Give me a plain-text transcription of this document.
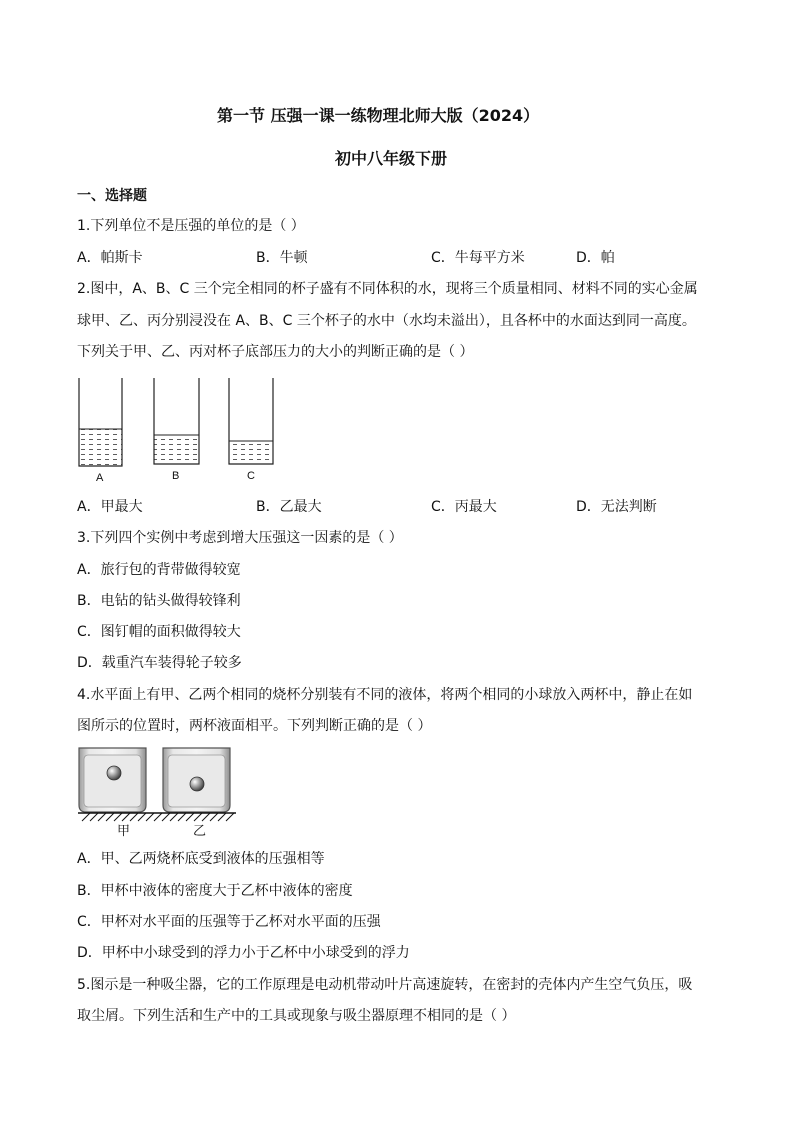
第一节 压强一课一练物理北师大版（2024）
初中八年级下册
一、选择题
1.下列单位不是压强的单位的是（ ）
A．帕斯卡	B．牛顿	C．牛每平方米	D．帕
2.图中，A、B、C 三个完全相同的杯子盛有不同体积的水，现将三个质量相同、材料不同的实心金属
球甲、乙、丙分别浸没在 A、B、C 三个杯子的水中（水均未溢出），且各杯中的水面达到同一高度。
下列关于甲、乙、丙对杯子底部压力的大小的判断正确的是（ ）
A	B	C
A．甲最大	B．乙最大	C．丙最大	D．无法判断
3.下列四个实例中考虑到增大压强这一因素的是（ ）
A．旅行包的背带做得较宽
B．电钻的钻头做得较锋利
C．图钉帽的面积做得较大
D．载重汽车装得轮子较多
4.水平面上有甲、乙两个相同的烧杯分别装有不同的液体，将两个相同的小球放入两杯中，静止在如
图所示的位置时，两杯液面相平。下列判断正确的是（ ）
甲	乙
A．甲、乙两烧杯底受到液体的压强相等
B．甲杯中液体的密度大于乙杯中液体的密度
C．甲杯对水平面的压强等于乙杯对水平面的压强
D．甲杯中小球受到的浮力小于乙杯中小球受到的浮力
5.图示是一种吸尘器，它的工作原理是电动机带动叶片高速旋转，在密封的壳体内产生空气负压，吸
取尘屑。下列生活和生产中的工具或现象与吸尘器原理不相同的是（ ）
